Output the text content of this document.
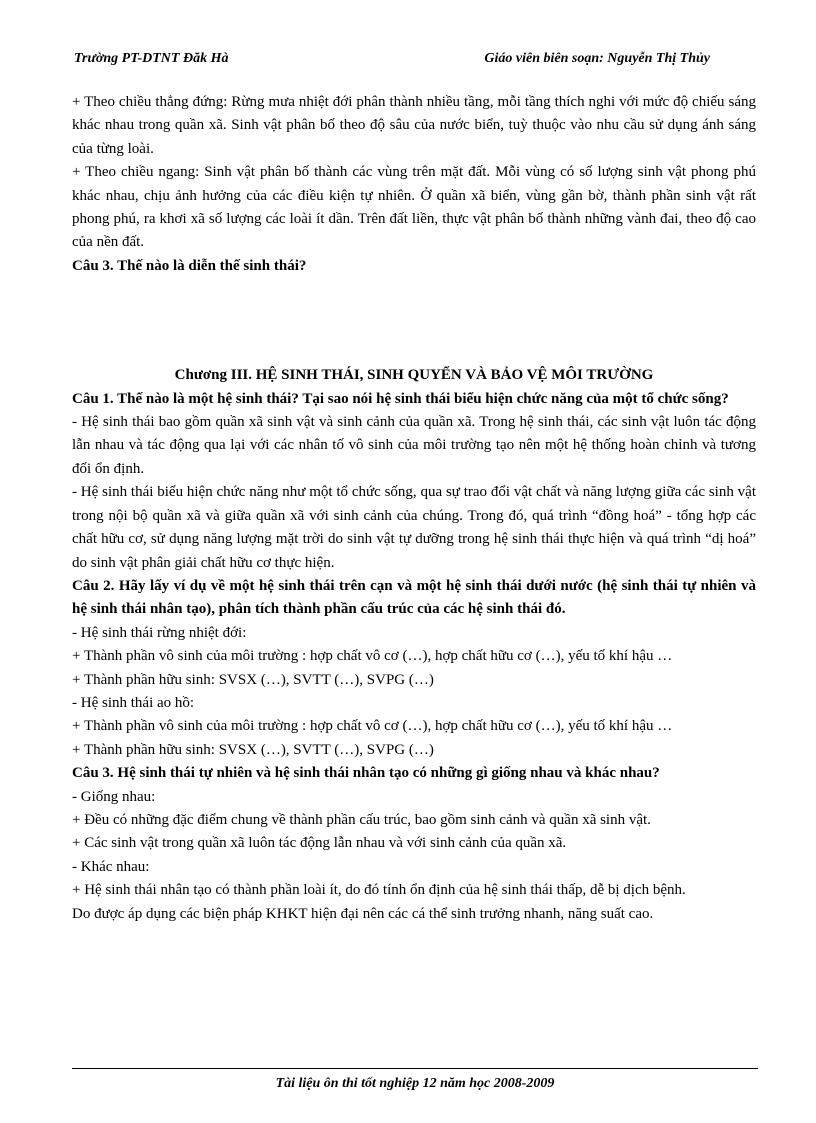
Trường PT-DTNT Đăk Hà	Giáo viên biên soạn: Nguyễn Thị Thủy
+ Theo chiều thẳng đứng: Rừng mưa nhiệt đới phân thành nhiều tầng, mỗi tầng thích nghi với mức độ chiếu sáng khác nhau trong quần xã. Sinh vật phân bố theo độ sâu của nước biển, tuỳ thuộc vào nhu cầu sử dụng ánh sáng của từng loài.
+ Theo chiều ngang: Sinh vật phân bố thành các vùng trên mặt đất. Mỗi vùng có số lượng sinh vật phong phú khác nhau, chịu ảnh hưởng của các điều kiện tự nhiên. Ở quần xã biển, vùng gần bờ, thành phần sinh vật rất phong phú, ra khơi xã số lượng các loài ít dần. Trên đất liền, thực vật phân bố thành những vành đai, theo độ cao của nền đất.
Câu 3. Thế nào là diễn thế sinh thái?
Chương III. HỆ SINH THÁI, SINH QUYỂN VÀ BẢO VỆ MÔI TRƯỜNG
Câu 1. Thế nào là một hệ sinh thái? Tại sao nói hệ sinh thái biểu hiện chức năng của một tổ chức sống?
- Hệ sinh thái bao gồm quần xã sinh vật và sinh cảnh của quần xã. Trong hệ sinh thái, các sinh vật luôn tác động lẫn nhau và tác động qua lại với các nhân tố vô sinh của môi trường tạo nên một hệ thống hoàn chỉnh và tương đối ổn định.
- Hệ sinh thái biểu hiện chức năng như một tổ chức sống, qua sự trao đổi vật chất và năng lượng giữa các sinh vật trong nội bộ quần xã và giữa quần xã với sinh cảnh của chúng. Trong đó, quá trình “đồng hoá” - tổng hợp các chất hữu cơ, sử dụng năng lượng mặt trời do sinh vật tự dưỡng trong hệ sinh thái thực hiện và quá trình “dị hoá” do sinh vật phân giải chất hữu cơ thực hiện.
Câu 2. Hãy lấy ví dụ về một hệ sinh thái trên cạn và một hệ sinh thái dưới nước (hệ sinh thái tự nhiên và hệ sinh thái nhân tạo), phân tích thành phần cấu trúc của các hệ sinh thái đó.
- Hệ sinh thái rừng nhiệt đới:
+ Thành phần vô sinh của môi trường : hợp chất vô cơ (…), hợp chất hữu cơ (…), yếu tố khí hậu …
+ Thành phần hữu sinh: SVSX (…), SVTT (…), SVPG (…)
- Hệ sinh thái ao hồ:
+ Thành phần vô sinh của môi trường : hợp chất vô cơ (…), hợp chất hữu cơ (…), yếu tố khí hậu …
+ Thành phần hữu sinh: SVSX (…), SVTT (…), SVPG (…)
Câu 3. Hệ sinh thái tự nhiên và hệ sinh thái nhân tạo có những gì giống nhau và khác nhau?
- Giống nhau:
+ Đều có những đặc điểm chung về thành phần cấu trúc, bao gồm sinh cảnh và quần xã sinh vật.
+ Các sinh vật trong quần xã luôn tác động lẫn nhau và với sinh cảnh của quần xã.
- Khác nhau:
+ Hệ sinh thái nhân tạo có thành phần loài ít, do đó tính ổn định của hệ sinh thái thấp, dễ bị dịch bệnh.
Do được áp dụng các biện pháp KHKT hiện đại nên các cá thể sinh trưởng nhanh, năng suất cao.
Tài liệu ôn thi tốt nghiệp 12 năm học 2008-2009
